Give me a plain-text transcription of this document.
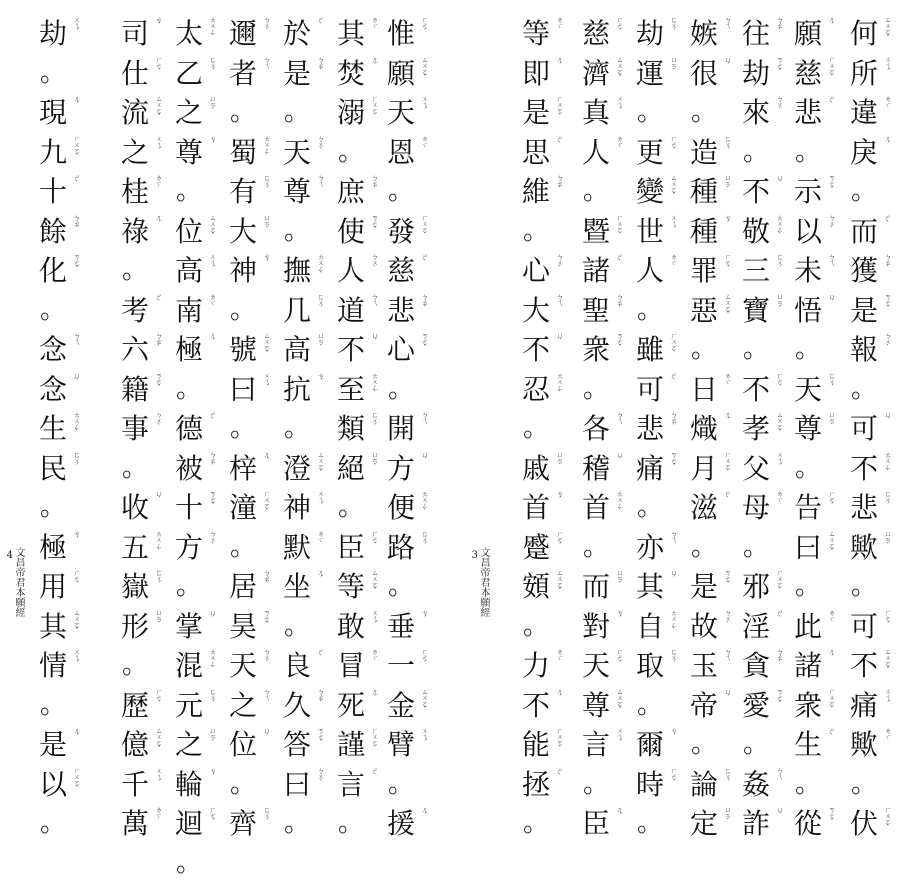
文昌帝君本願經
4
惟 ㄏㄜˊ
願 ㄙㄨㄛˇ
天 ㄨㄟˊ
恩 ㄌㄧˋ
。
發 ㄏㄨㄛˋ
慈 ㄕˋ
悲 ㄅㄠˋ
心 ㄎㄜˇ
。
開 ㄅㄟ
方 ㄩˊ
便 ㄊㄨㄥˋ
路 ㄈㄨˊ
。
垂 ㄘˊ
一 ㄏㄜˊ
金 ㄙㄨㄛˇ
臂 ㄨㄟˊ
。
援 ㄦˊ
其 ㄌㄧˋ
焚 ㄦˊ
溺 ㄏㄨㄛˋ
。
庶 ㄅㄠˋ
使 ㄎㄜˇ
人 ㄅㄨˋ
道 ㄅㄟ
不 ㄩˊ
至 ㄊㄨㄥˋ
類 ㄈㄨˊ
絕 ㄩㄢˋ
。
臣 ㄏㄜˊ
等 ㄙㄨㄛˇ
敢 ㄨㄟˊ
冒 ㄌㄧˋ
死 ㄦˊ
謹 ㄏㄨㄛˋ
言 ㄕˋ
。
於 ㄕˋ
是 ㄅㄠˋ
。
天 ㄅㄨˋ
尊 ㄅㄟ
。
撫 ㄊㄨㄥˋ
几 ㄈㄨˊ
高 ㄩㄢˋ
抗 ㄘˊ
。
澄 ㄙㄨㄛˇ
神 ㄨㄟˊ
默 ㄌㄧˋ
坐 ㄦˊ
。
良 ㄕˋ
久 ㄅㄠˋ
答 ㄎㄜˇ
曰 ㄅㄨˋ
。
邇 ㄅㄨˋ
者 ㄅㄟ
。
蜀 ㄊㄨㄥˋ
有 ㄈㄨˊ
大 ㄩㄢˋ
神 ㄘˊ
。
號 ㄙㄨㄛˇ
曰 ㄨㄟˊ
。
梓 ㄦˊ
潼 ㄏㄨㄛˋ
。
居 ㄅㄠˋ
昊 ㄎㄜˇ
天 ㄅㄨˋ
之 ㄅㄟ
位 ㄩˊ
。
齊 ㄈㄨˊ
太 ㄊㄨㄥˋ
乙 ㄈㄨˊ
之 ㄩㄢˋ
尊 ㄘˊ
。
位 ㄙㄨㄛˇ
高 ㄨㄟˊ
南 ㄌㄧˋ
極 ㄦˊ
。
德 ㄕˋ
被 ㄅㄠˋ
十 ㄎㄜˇ
方 ㄅㄨˋ
。
掌 ㄩˊ
混 ㄊㄨㄥˋ
元 ㄈㄨˊ
之 ㄩㄢˋ
輪 ㄘˊ
迴 ㄏㄜˊ
。
司 ㄘˊ
仕 ㄏㄜˊ
流 ㄙㄨㄛˇ
之 ㄨㄟˊ
桂 ㄌㄧˋ
祿 ㄦˊ
。
考 ㄕˋ
六 ㄅㄠˋ
籍 ㄎㄜˇ
事 ㄅㄨˋ
。
收 ㄩˊ
五 ㄊㄨㄥˋ
嶽 ㄈㄨˊ
形 ㄩㄢˋ
。
歷 ㄏㄜˊ
億 ㄙㄨㄛˇ
千 ㄨㄟˊ
萬 ㄌㄧˋ
劫 ㄨㄟˊ
。
現 ㄦˊ
九 ㄏㄨㄛˋ
十 ㄕˋ
餘 ㄅㄠˋ
化 ㄎㄜˇ
。
念 ㄅㄟ
念 ㄩˊ
生 ㄊㄨㄥˋ
民 ㄈㄨˊ
。
極 ㄘˊ
用 ㄏㄜˊ
其 ㄙㄨㄛˇ
情 ㄨㄟˊ
。
是 ㄦˊ
以 ㄏㄨㄛˋ
。
文昌帝君本願經
3
何 ㄙㄨㄛˇ
所 ㄨㄟˊ
違 ㄌㄧˋ
戾 ㄦˊ
。
而 ㄕˋ
獲 ㄅㄠˋ
是 ㄎㄜˇ
報 ㄅㄨˋ
。
可 ㄩˊ
不 ㄊㄨㄥˋ
悲 ㄈㄨˊ
歟 ㄩㄢˋ
。
可 ㄏㄜˊ
不 ㄙㄨㄛˇ
痛 ㄨㄟˊ
歟 ㄌㄧˋ
。
伏 ㄏㄨㄛˋ
願 ㄦˊ
慈 ㄏㄨㄛˋ
悲 ㄕˋ
。
示 ㄎㄜˇ
以 ㄅㄨˋ
未 ㄅㄟ
悟 ㄩˊ
。
天 ㄈㄨˊ
尊 ㄩㄢˋ
。
告 ㄏㄜˊ
曰 ㄙㄨㄛˇ
。
此 ㄌㄧˋ
諸 ㄦˊ
衆 ㄏㄨㄛˋ
生 ㄕˋ
。
從 ㄎㄜˇ
往 ㄅㄠˋ
劫 ㄎㄜˇ
來 ㄅㄨˋ
。
不 ㄩˊ
敬 ㄊㄨㄥˋ
三 ㄈㄨˊ
寶 ㄩㄢˋ
。
不 ㄏㄜˊ
孝 ㄙㄨㄛˇ
父 ㄨㄟˊ
母 ㄌㄧˋ
。
邪 ㄏㄨㄛˋ
淫 ㄕˋ
貪 ㄅㄠˋ
愛 ㄎㄜˇ
。
姦 ㄅㄟ
詐 ㄩˊ
嫉 ㄅㄟ
很 ㄩˊ
。
造 ㄈㄨˊ
種 ㄩㄢˋ
種 ㄘˊ
罪 ㄏㄜˊ
惡 ㄙㄨㄛˇ
。
日 ㄌㄧˋ
熾 ㄦˊ
月 ㄏㄨㄛˋ
滋 ㄕˋ
。
是 ㄎㄜˇ
故 ㄅㄨˋ
玉 ㄅㄟ
帝 ㄩˊ
。
論 ㄈㄨˊ
定 ㄩㄢˋ
劫 ㄈㄨˊ
運 ㄩㄢˋ
。
更 ㄏㄜˊ
變 ㄙㄨㄛˇ
世 ㄨㄟˊ
人 ㄌㄧˋ
。
雖 ㄏㄨㄛˋ
可 ㄕˋ
悲 ㄅㄠˋ
痛 ㄎㄜˇ
。
亦 ㄅㄟ
其 ㄩˊ
自 ㄊㄨㄥˋ
取 ㄈㄨˊ
。
爾 ㄘˊ
時 ㄏㄜˊ
。
慈 ㄏㄜˊ
濟 ㄙㄨㄛˇ
真 ㄨㄟˊ
人 ㄌㄧˋ
。
暨 ㄏㄨㄛˋ
諸 ㄕˋ
聖 ㄅㄠˋ
衆 ㄎㄜˇ
。
各 ㄅㄟ
稽 ㄩˊ
首 ㄊㄨㄥˋ
。
而 ㄩㄢˋ
對 ㄘˊ
天 ㄏㄜˊ
尊 ㄙㄨㄛˇ
言 ㄨㄟˊ
。
臣 ㄦˊ
等 ㄌㄧˋ
即 ㄦˊ
是 ㄏㄨㄛˋ
思 ㄕˋ
維 ㄅㄠˋ
。
心 ㄅㄨˋ
大 ㄅㄟ
不 ㄩˊ
忍 ㄊㄨㄥˋ
。
戚 ㄩㄢˋ
首 ㄘˊ
蹙 ㄏㄜˊ
頞 ㄙㄨㄛˇ
。
力 ㄌㄧˋ
不 ㄦˊ
能 ㄏㄨㄛˋ
拯 ㄕˋ
。
